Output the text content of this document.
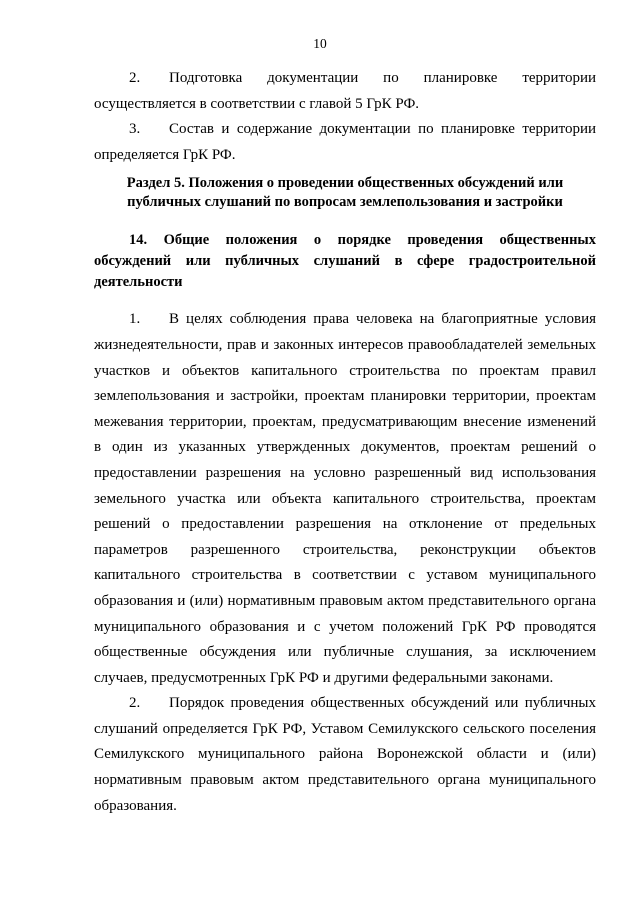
10

2. Подготовка документации по планировке территории осуществляется в соответствии с главой 5 ГрК РФ.

3. Состав и содержание документации по планировке территории определяется ГрК РФ.

Раздел 5. Положения о проведении общественных обсуждений или
публичных слушаний по вопросам землепользования и застройки
14. Общие положения о порядке проведения общественных обсуждений или публичных слушаний в сфере градостроительной деятельности

1. В целях соблюдения права человека на благоприятные условия жизнедеятельности, прав и законных интересов правообладателей земельных участков и объектов капитального строительства по проектам правил землепользования и застройки, проектам планировки территории, проектам межевания территории, проектам, предусматривающим внесение изменений в один из указанных утвержденных документов, проектам решений о предоставлении разрешения на условно разрешенный вид использования земельного участка или объекта капитального строительства, проектам решений о предоставлении разрешения на отклонение от предельных параметров разрешенного строительства, реконструкции объектов капитального строительства в соответствии с уставом муниципального образования и (или) нормативным правовым актом представительного органа муниципального образования и с учетом положений ГрК РФ проводятся общественные обсуждения или публичные слушания, за исключением случаев, предусмотренных ГрК РФ и другими федеральными законами.

2. Порядок проведения общественных обсуждений или публичных слушаний определяется ГрК РФ, Уставом Семилукского сельского поселения Семилукского муниципального района Воронежской области и (или) нормативным правовым актом представительного органа муниципального образования.
